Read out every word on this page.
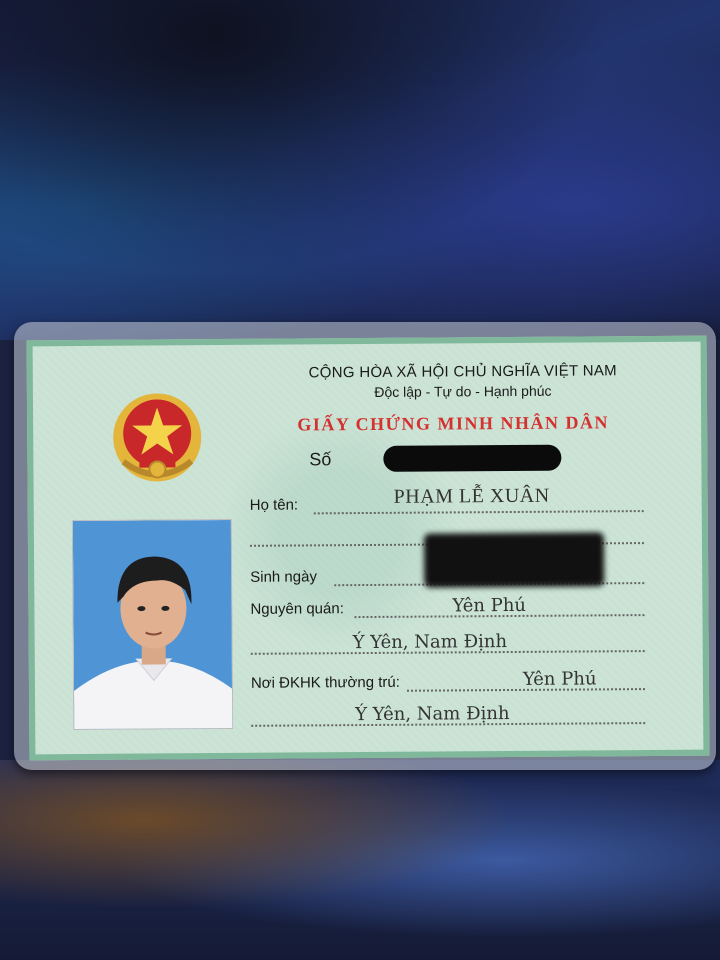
CỘNG HÒA XÃ HỘI CHỦ NGHĨA VIỆT NAM
Độc lập - Tự do - Hạnh phúc
GIẤY CHỨNG MINH NHÂN DÂN
Số
Họ tên:	PHẠM LỄ XUÂN
Sinh ngày
Nguyên quán:	Yên Phú
Ý Yên, Nam Định
Nơi ĐKHK thường trú:	Yên Phú
Ý Yên, Nam Định
